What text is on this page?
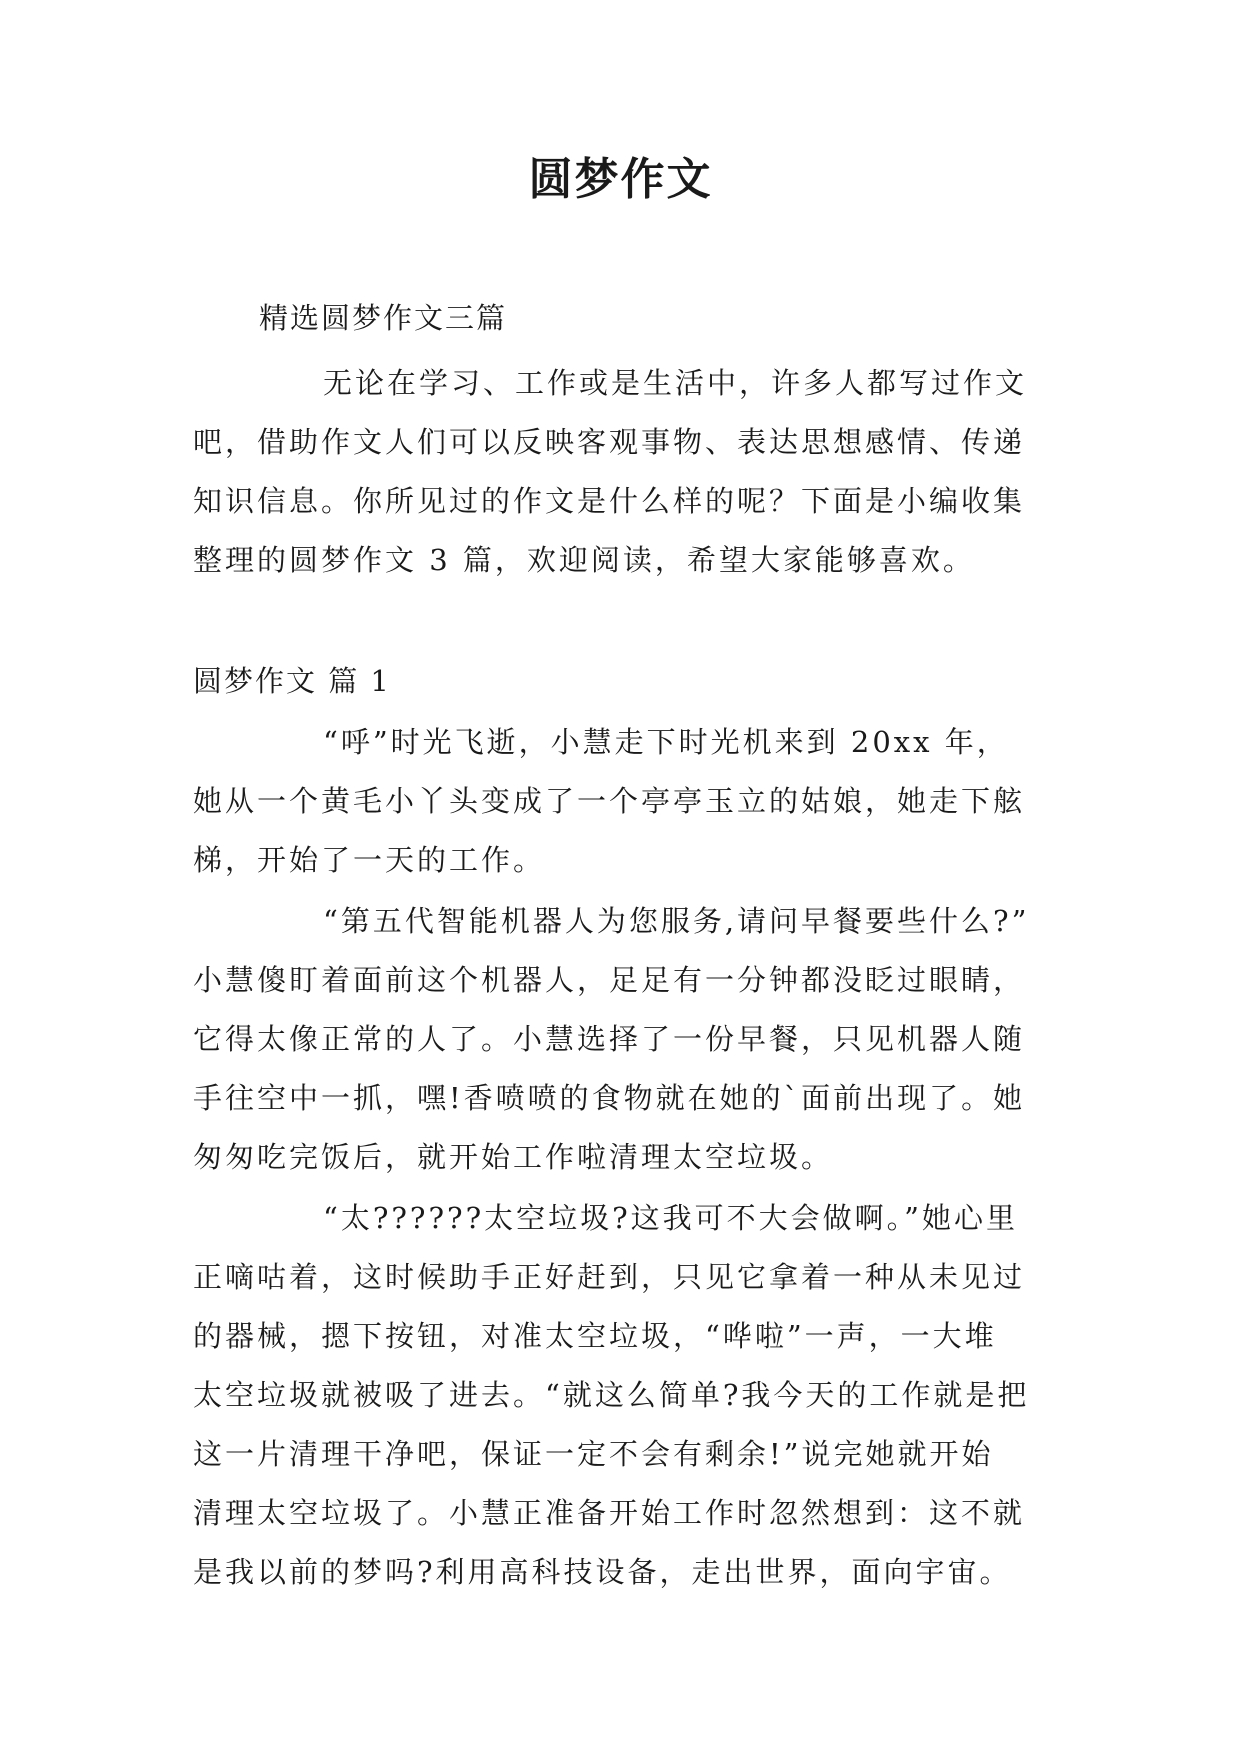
圆梦作文
精选圆梦作文三篇
无论在学习、工作或是生活中，许多人都写过作文
吧，借助作文人们可以反映客观事物、表达思想感情、传递
知识信息。你所见过的作文是什么样的呢？下面是小编收集
整理的圆梦作文 3 篇，欢迎阅读，希望大家能够喜欢。
圆梦作文 篇 1
“呼”时光飞逝，小慧走下时光机来到 20xx 年，
她从一个黄毛小丫头变成了一个亭亭玉立的姑娘，她走下舷
梯，开始了一天的工作。
“第五代智能机器人为您服务,请问早餐要些什么?”
小慧傻盯着面前这个机器人，足足有一分钟都没眨过眼睛，
它得太像正常的人了。小慧选择了一份早餐，只见机器人随
手往空中一抓，嘿!香喷喷的食物就在她的`面前出现了。她
匆匆吃完饭后，就开始工作啦清理太空垃圾。
“太??????太空垃圾?这我可不大会做啊。”她心里
正嘀咕着，这时候助手正好赶到，只见它拿着一种从未见过
的器械，摁下按钮，对准太空垃圾，“哗啦”一声，一大堆
太空垃圾就被吸了进去。“就这么简单?我今天的工作就是把
这一片清理干净吧，保证一定不会有剩余!”说完她就开始
清理太空垃圾了。小慧正准备开始工作时忽然想到：这不就
是我以前的梦吗?利用高科技设备，走出世界，面向宇宙。
